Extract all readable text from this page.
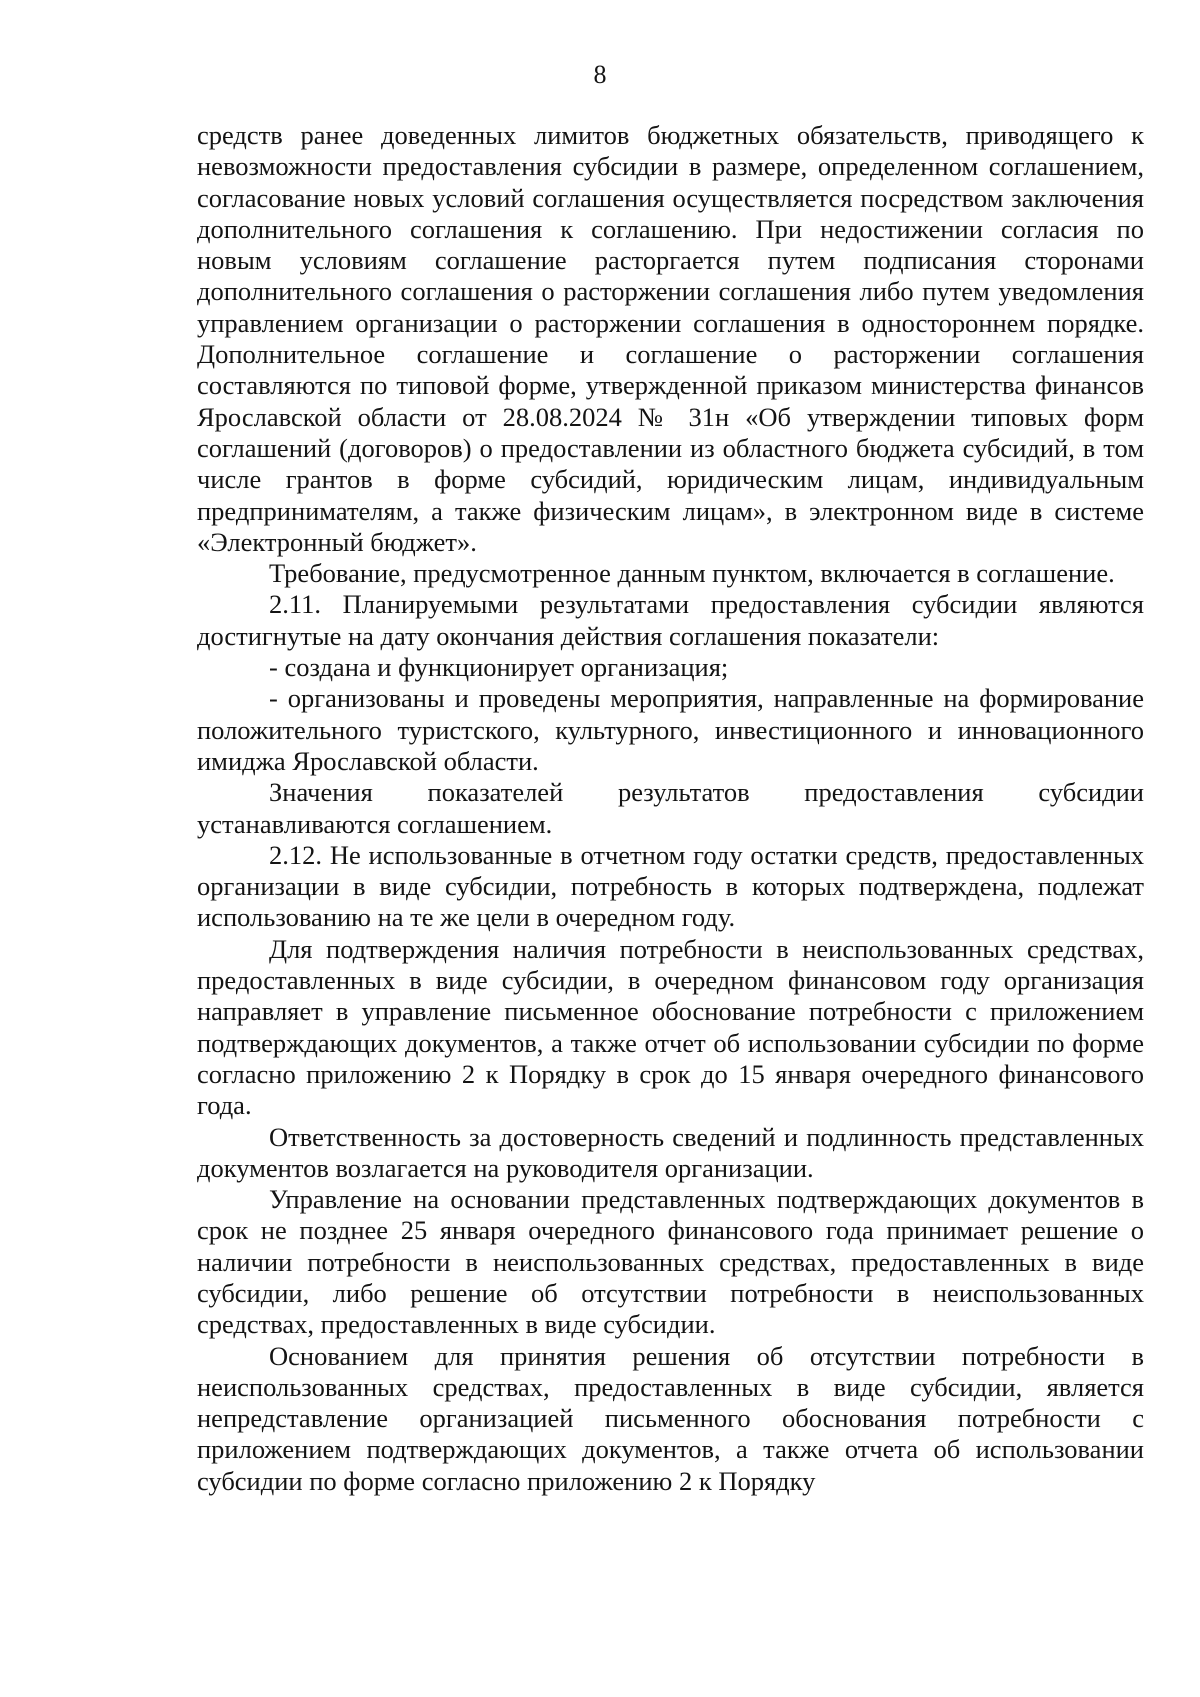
8

средств ранее доведенных лимитов бюджетных обязательств, приводящего к невозможности предоставления субсидии в размере, определенном соглашением, согласование новых условий соглашения осуществляется посредством заключения дополнительного соглашения к соглашению. При недостижении согласия по новым условиям соглашение расторгается путем подписания сторонами дополнительного соглашения о расторжении соглашения либо путем уведомления управлением организации о расторжении соглашения в одностороннем порядке. Дополнительное соглашение и соглашение о расторжении соглашения составляются по типовой форме, утвержденной приказом министерства финансов Ярославской области от 28.08.2024 № 31н «Об утверждении типовых форм соглашений (договоров) о предоставлении из областного бюджета субсидий, в том числе грантов в форме субсидий, юридическим лицам, индивидуальным предпринимателям, а также физическим лицам», в электронном виде в системе «Электронный бюджет».

Требование, предусмотренное данным пунктом, включается в соглашение.

2.11. Планируемыми результатами предоставления субсидии являются достигнутые на дату окончания действия соглашения показатели:

- создана и функционирует организация;

- организованы и проведены мероприятия, направленные на формирование положительного туристского, культурного, инвестиционного и инновационного имиджа Ярославской области.

Значения показателей результатов предоставления субсидии устанавливаются соглашением.

2.12. Не использованные в отчетном году остатки средств, предоставленных организации в виде субсидии, потребность в которых подтверждена, подлежат использованию на те же цели в очередном году.

Для подтверждения наличия потребности в неиспользованных средствах, предоставленных в виде субсидии, в очередном финансовом году организация направляет в управление письменное обоснование потребности с приложением подтверждающих документов, а также отчет об использовании субсидии по форме согласно приложению 2 к Порядку в срок до 15 января очередного финансового года.

Ответственность за достоверность сведений и подлинность представленных документов возлагается на руководителя организации.

Управление на основании представленных подтверждающих документов в срок не позднее 25 января очередного финансового года принимает решение о наличии потребности в неиспользованных средствах, предоставленных в виде субсидии, либо решение об отсутствии потребности в неиспользованных средствах, предоставленных в виде субсидии.

Основанием для принятия решения об отсутствии потребности в неиспользованных средствах, предоставленных в виде субсидии, является непредставление организацией письменного обоснования потребности с приложением подтверждающих документов, а также отчета об использовании субсидии по форме согласно приложению 2 к Порядку
